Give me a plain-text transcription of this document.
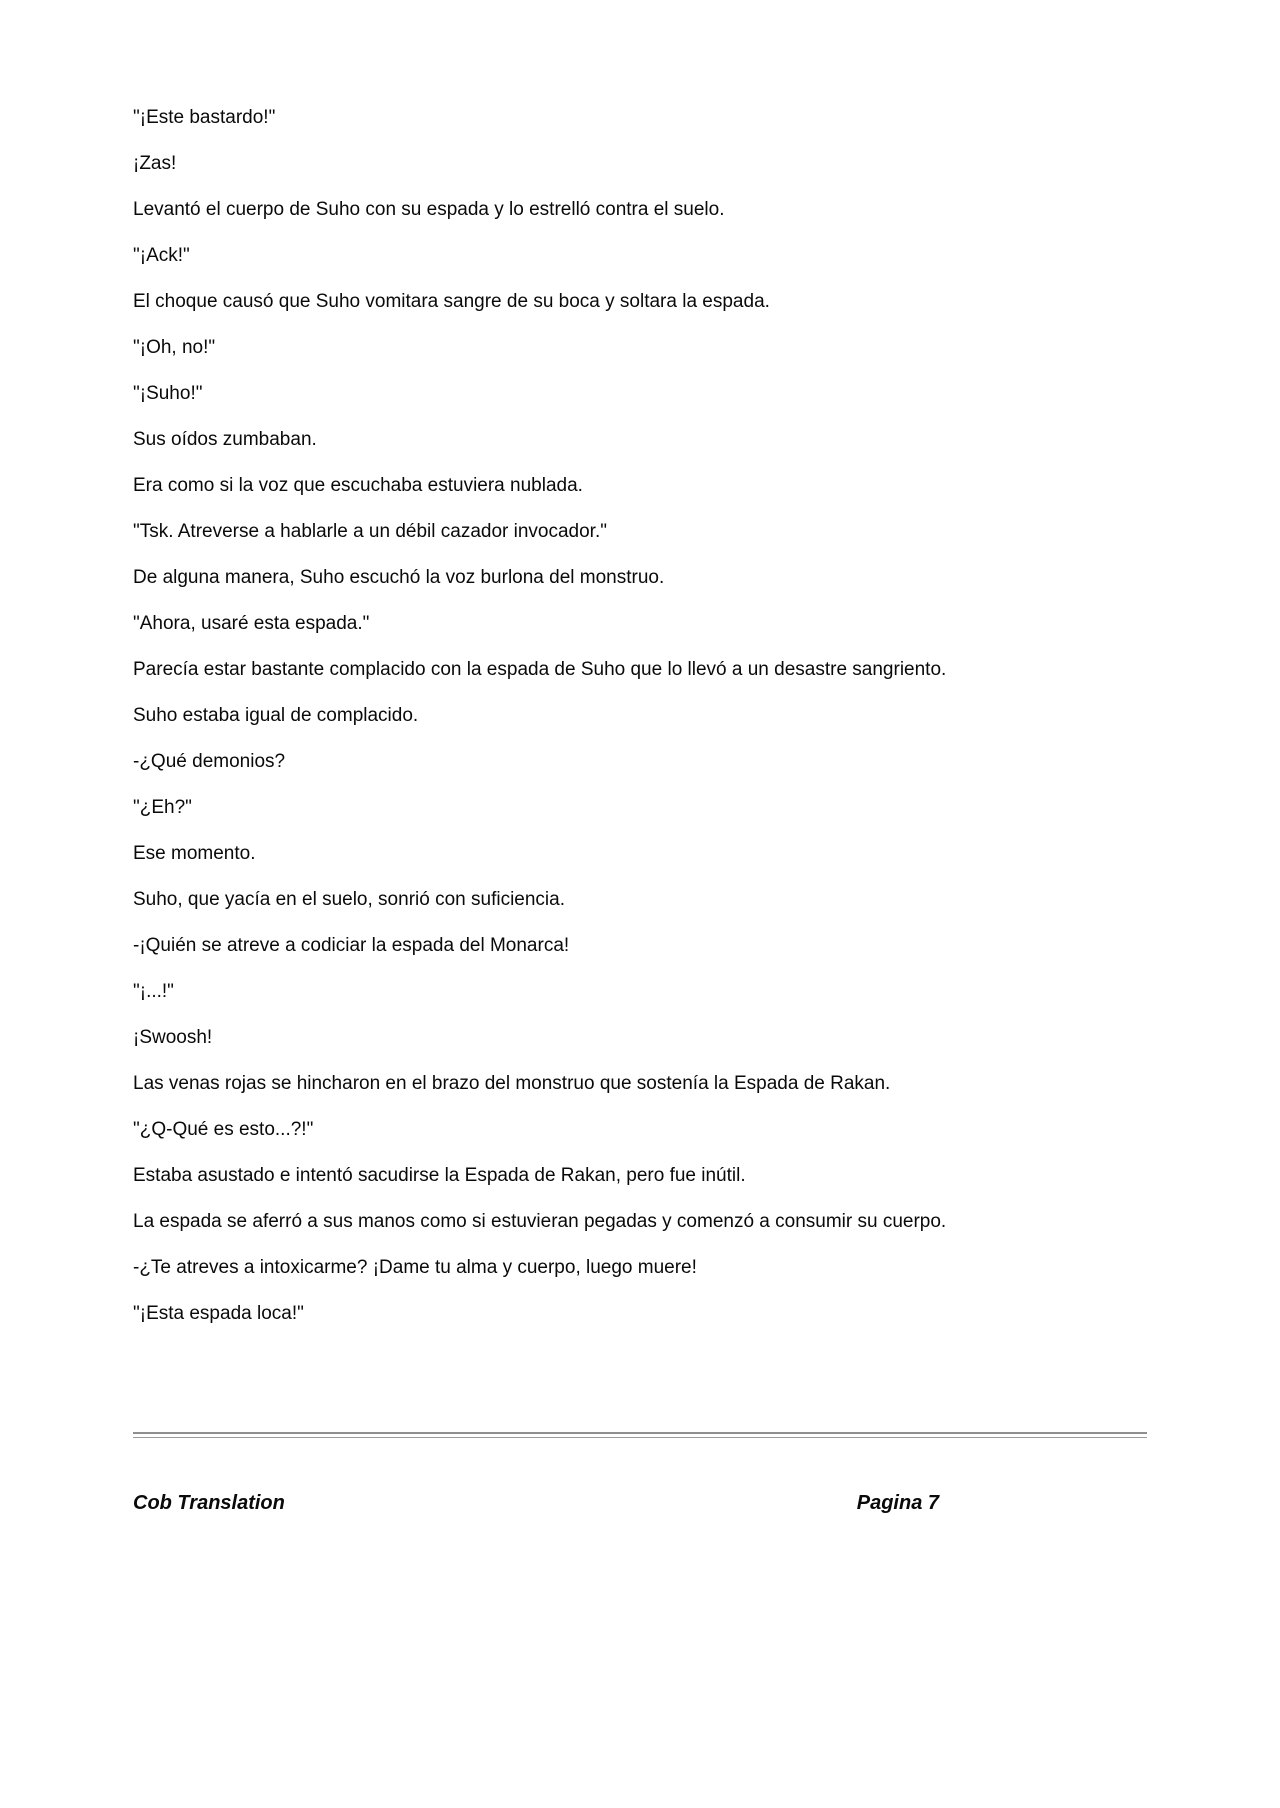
"¡Este bastardo!"

¡Zas!

Levantó el cuerpo de Suho con su espada y lo estrelló contra el suelo.

"¡Ack!"

El choque causó que Suho vomitara sangre de su boca y soltara la espada.

"¡Oh, no!"

"¡Suho!"

Sus oídos zumbaban.

Era como si la voz que escuchaba estuviera nublada.

"Tsk. Atreverse a hablarle a un débil cazador invocador."

De alguna manera, Suho escuchó la voz burlona del monstruo.

"Ahora, usaré esta espada."

Parecía estar bastante complacido con la espada de Suho que lo llevó a un desastre sangriento.

Suho estaba igual de complacido.

-¿Qué demonios?

"¿Eh?"

Ese momento.

Suho, que yacía en el suelo, sonrió con suficiencia.

-¡Quién se atreve a codiciar la espada del Monarca!

"¡...!"

¡Swoosh!

Las venas rojas se hincharon en el brazo del monstruo que sostenía la Espada de Rakan.

"¿Q-Qué es esto...?!"

Estaba asustado e intentó sacudirse la Espada de Rakan, pero fue inútil.

La espada se aferró a sus manos como si estuvieran pegadas y comenzó a consumir su cuerpo.

-¿Te atreves a intoxicarme? ¡Dame tu alma y cuerpo, luego muere!

"¡Esta espada loca!"

Cob Translation	Pagina 7
